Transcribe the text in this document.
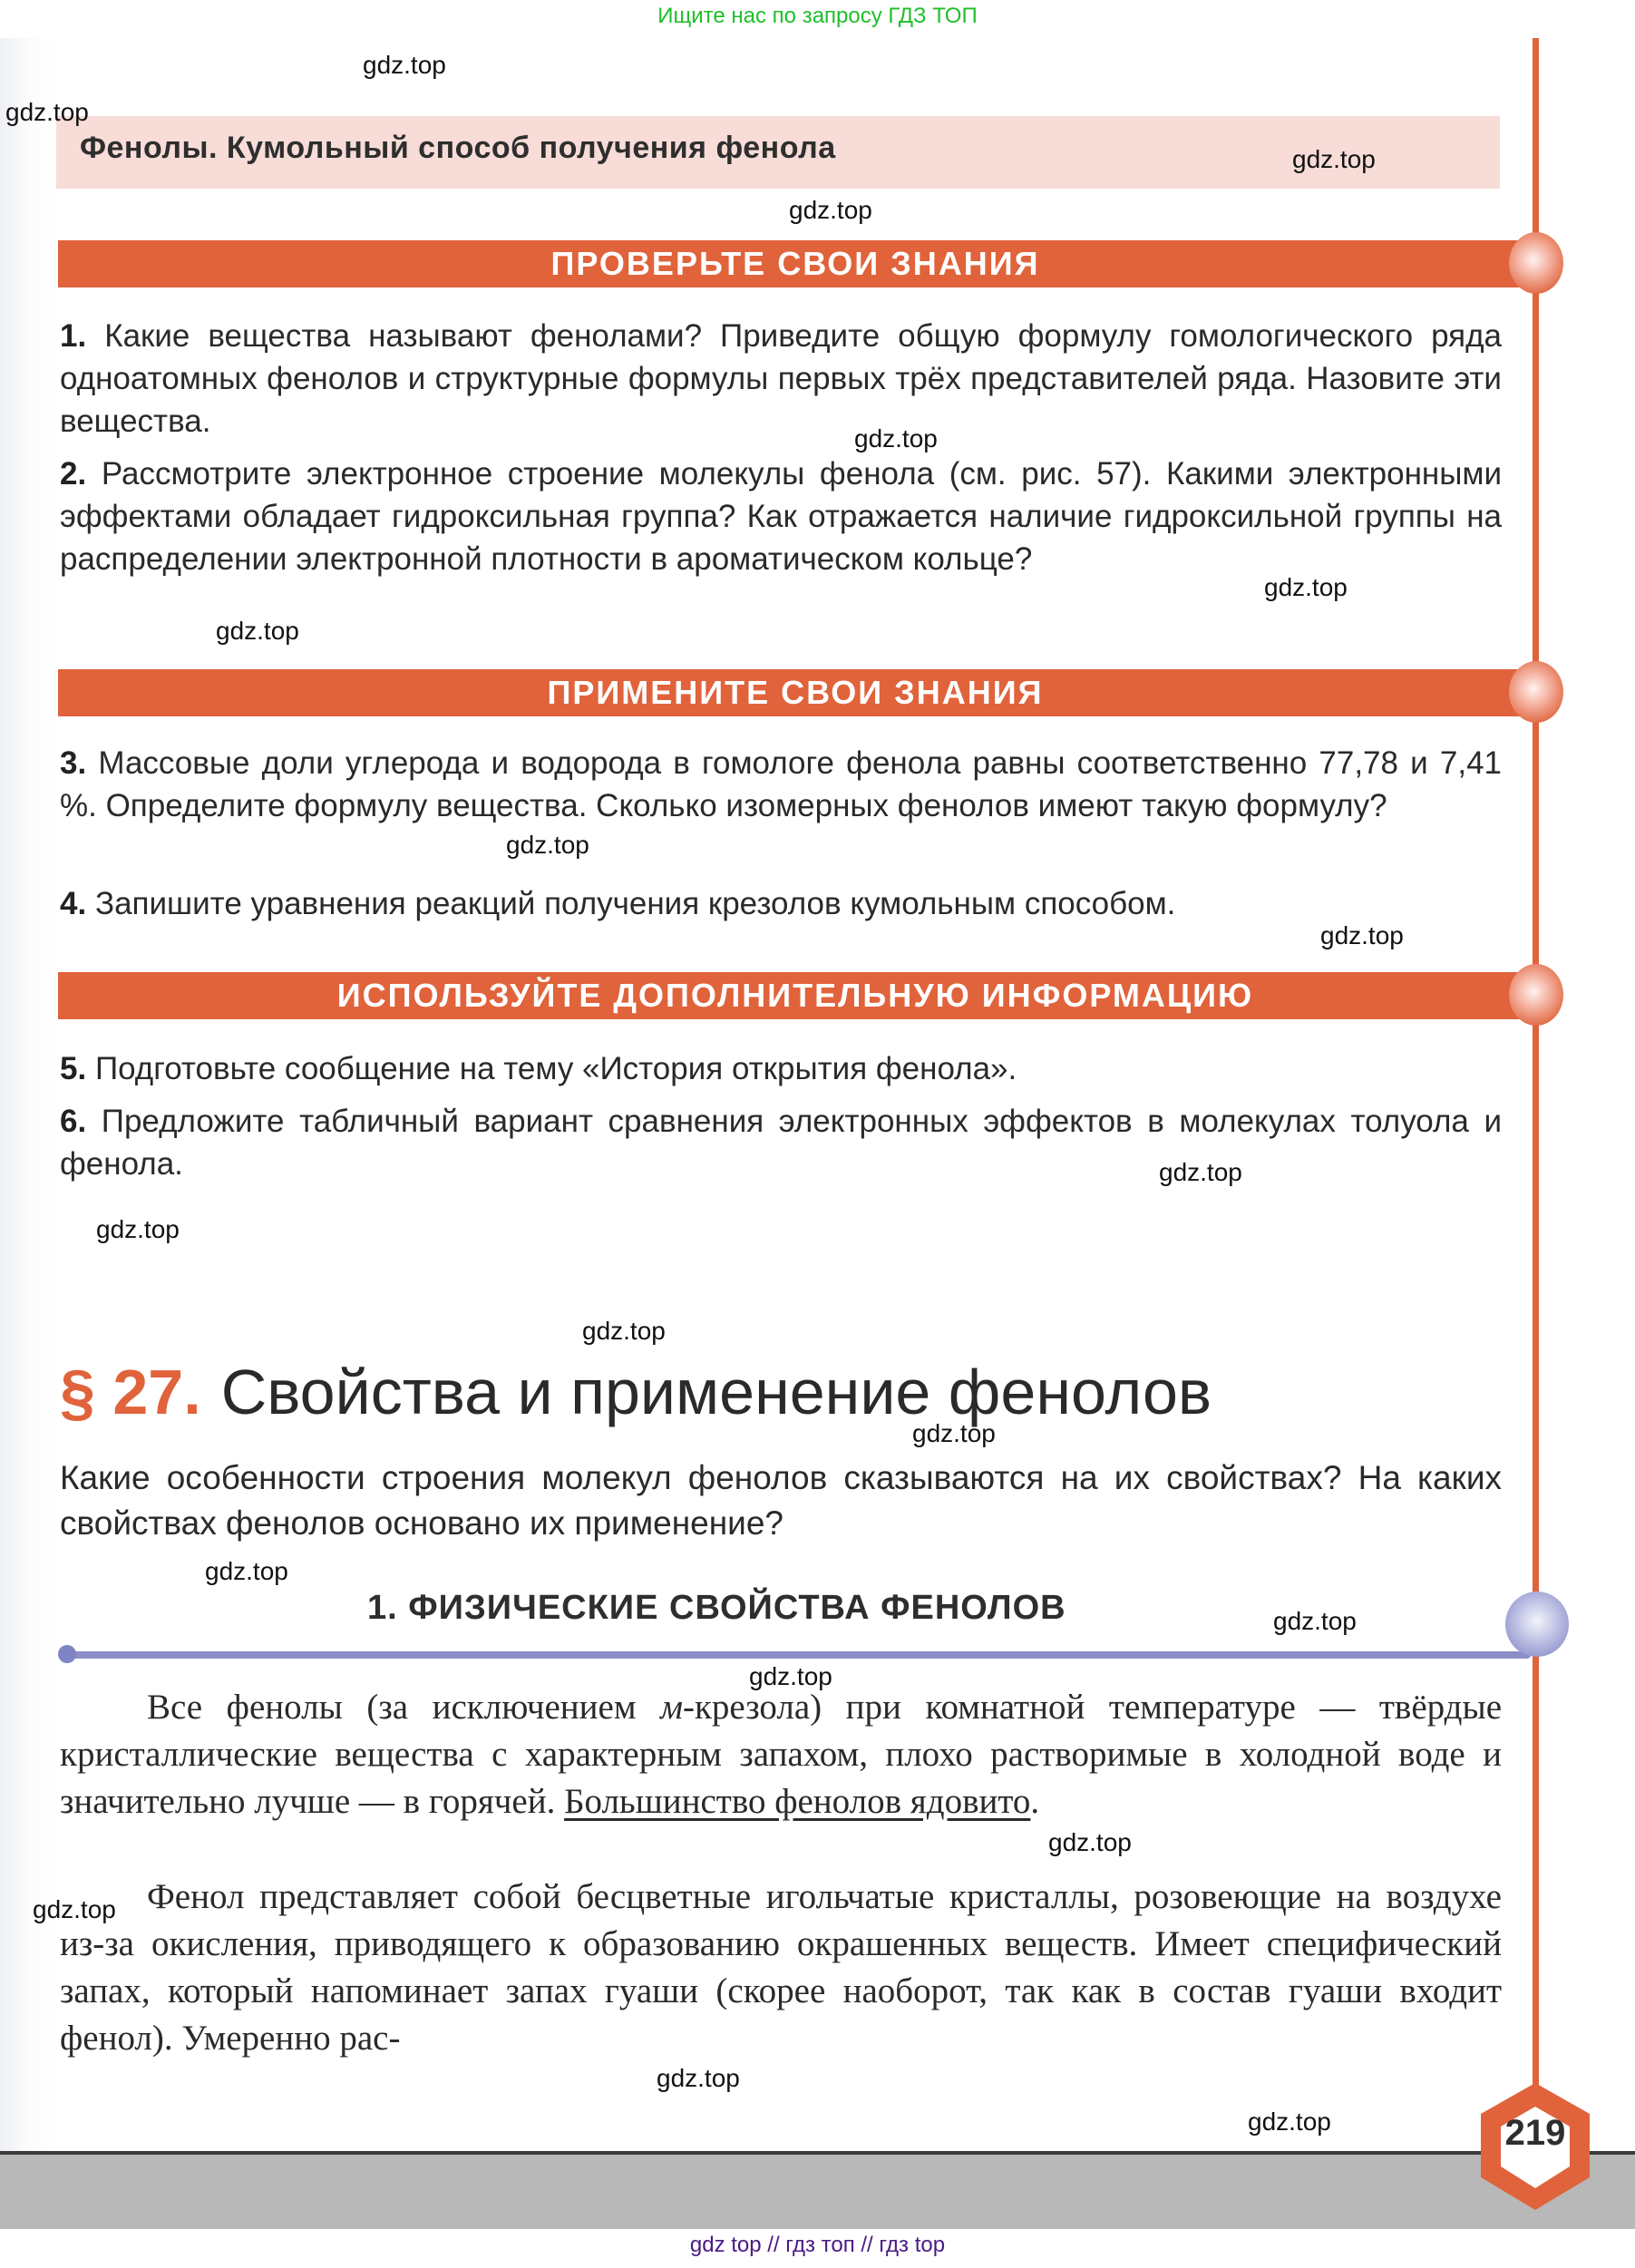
Ищите нас по запросу ГДЗ ТОП
Фенолы. Кумольный способ получения фенола
ПРОВЕРЬТЕ СВОИ ЗНАНИЯ
1. Какие вещества называют фенолами? Приведите общую формулу гомологического ряда одноатомных фенолов и структурные формулы первых трёх представителей ряда. Назовите эти вещества.
2. Рассмотрите электронное строение молекулы фенола (см. рис. 57). Какими электронными эффектами обладает гидроксильная группа? Как отражается наличие гидроксильной группы на распределении электронной плотности в ароматическом кольце?
ПРИМЕНИТЕ СВОИ ЗНАНИЯ
3. Массовые доли углерода и водорода в гомологе фенола равны соответственно 77,78 и 7,41 %. Определите формулу вещества. Сколько изомерных фенолов имеют такую формулу?
4. Запишите уравнения реакций получения крезолов кумольным способом.
ИСПОЛЬЗУЙТЕ ДОПОЛНИТЕЛЬНУЮ ИНФОРМАЦИЮ
5. Подготовьте сообщение на тему «История открытия фенола».
6. Предложите табличный вариант сравнения электронных эффектов в молекулах толуола и фенола.
§ 27. Свойства и применение фенолов
Какие особенности строения молекул фенолов сказываются на их свойствах? На каких свойствах фенолов основано их применение?
1. ФИЗИЧЕСКИЕ СВОЙСТВА ФЕНОЛОВ
Все фенолы (за исключением м-крезола) при комнатной температуре — твёрдые кристаллические вещества с характерным запахом, плохо растворимые в холодной воде и значительно лучше — в горячей. Большинство фенолов ядовито.
Фенол представляет собой бесцветные игольчатые кристаллы, розовеющие на воздухе из-за окисления, приводящего к образованию окрашенных веществ. Имеет специфический запах, который напоминает запах гуаши (скорее наоборот, так как в состав гуаши входит фенол). Умеренно рас-
219
gdz top // гдз топ // гдз top
gdz.top
gdz.top
gdz.top
gdz.top
gdz.top
gdz.top
gdz.top
gdz.top
gdz.top
gdz.top
gdz.top
gdz.top
gdz.top
gdz.top
gdz.top
gdz.top
gdz.top
gdz.top
gdz.top
gdz.top
